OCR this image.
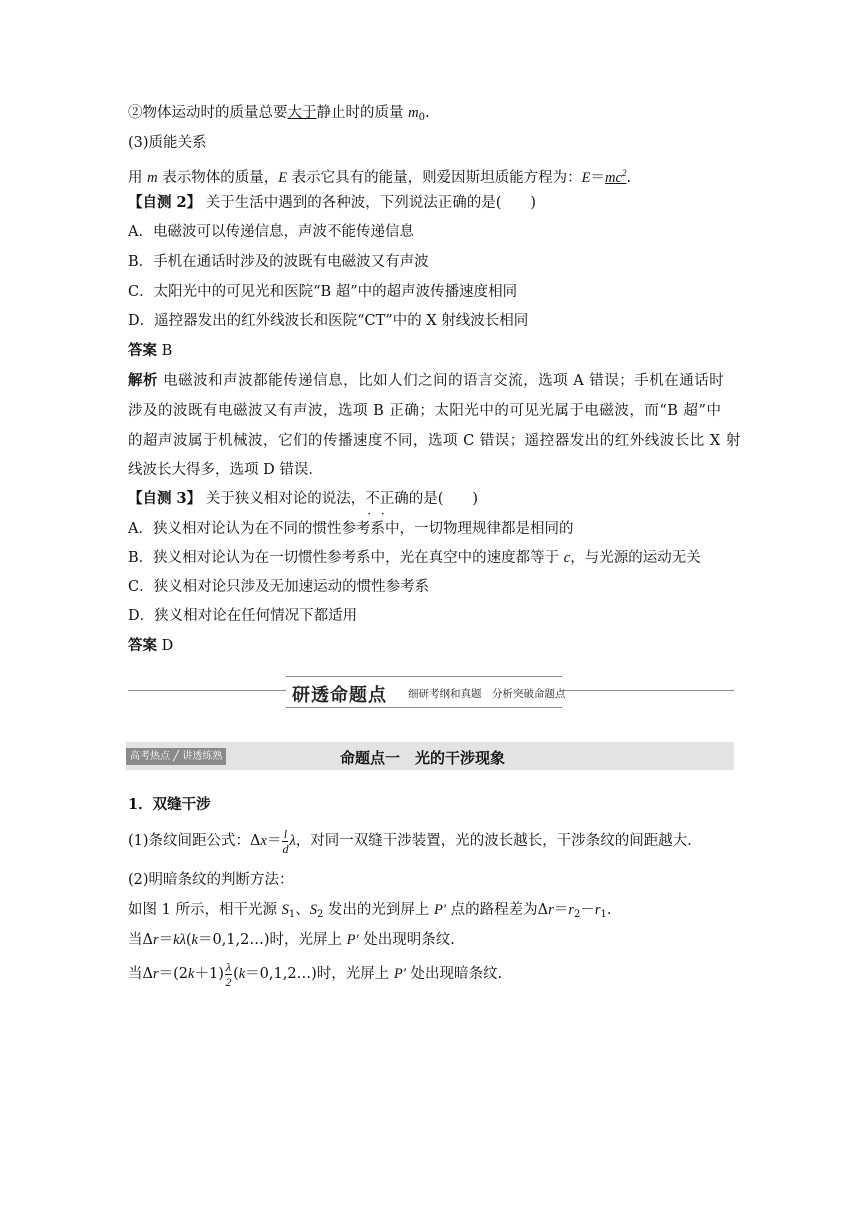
②物体运动时的质量总要大于静止时的质量 $m_0$.
(3)质能关系
用 m 表示物体的质量，E 表示它具有的能量，则爱因斯坦质能方程为：$E=mc^2$.
【自测 2】 关于生活中遇到的各种波，下列说法正确的是(　　)
A．电磁波可以传递信息，声波不能传递信息
B．手机在通话时涉及的波既有电磁波又有声波
C．太阳光中的可见光和医院“B 超”中的超声波传播速度相同
D．遥控器发出的红外线波长和医院“CT”中的 X 射线波长相同
答案 B
解析 电磁波和声波都能传递信息，比如人们之间的语言交流，选项 A 错误；手机在通话时
涉及的波既有电磁波又有声波，选项 B 正确；太阳光中的可见光属于电磁波，而“B 超”中
的超声波属于机械波，它们的传播速度不同，选项 C 错误；遥控器发出的红外线波长比 X 射
线波长大得多，选项 D 错误．
【自测 3】 关于狭义相对论的说法，不正确 · ·的是(　　)
A．狭义相对论认为在不同的惯性参考系中，一切物理规律都是相同的
B．狭义相对论认为在一切惯性参考系中，光在真空中的速度都等于 c，与光源的运动无关
C．狭义相对论只涉及无加速运动的惯性参考系
D．狭义相对论在任何情况下都适用
答案 D
研透命题点 细研考纲和真题　分析突破命题点
高考热点 ╱ 讲透练熟	命题点一　光的干涉现象
1．双缝干涉
(1)条纹间距公式：$\Delta x= \frac{l}{d}$ λ，对同一双缝干涉装置，光的波长越长，干涉条纹的间距越大.
(2)明暗条纹的判断方法：
如图 1 所示，相干光源 $S_1$、$S_2$ 发出的光到屏上 P′ 点的路程差为$\Delta r=r_2-r_1$.
当Δr＝kλ(k＝0,1,2…)时，光屏上 P′ 处出现明条纹.
当$\Delta r=(2k+1) \frac{\lambda}{2}$ (k＝0,1,2…)时，光屏上 P′ 处出现暗条纹.
